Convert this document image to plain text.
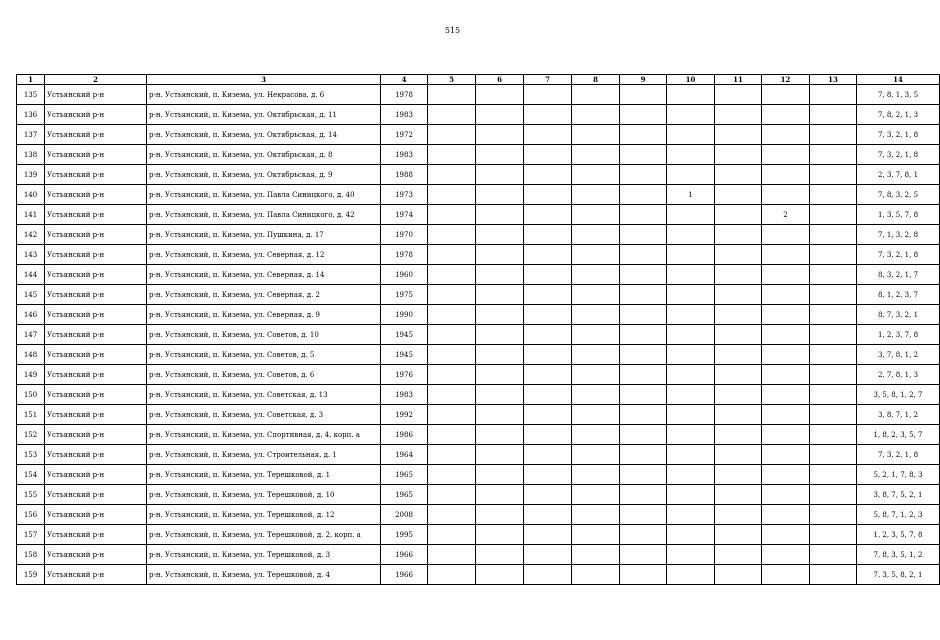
515
1	2	3	4	5	6	7	8	9	10	11	12	13	14
135	Устьянский р-н	р-н. Устьянский, п. Кизема, ул. Некрасова, д. 6	1978										7, 8, 1, 3, 5
136	Устьянский р-н	р-н. Устьянский, п. Кизема, ул. Октябрьская, д. 11	1983										7, 8, 2, 1, 3
137	Устьянский р-н	р-н. Устьянский, п. Кизема, ул. Октябрьская, д. 14	1972										7, 3, 2, 1, 8
138	Устьянский р-н	р-н. Устьянский, п. Кизема, ул. Октябрьская, д. 8	1983										7, 3, 2, 1, 8
139	Устьянский р-н	р-н. Устьянский, п. Кизема, ул. Октябрьская, д. 9	1988										2, 3, 7, 8, 1
140	Устьянский р-н	р-н. Устьянский, п. Кизема, ул. Павла Синицкого, д. 40	1973						1				7, 8, 3, 2, 5
141	Устьянский р-н	р-н. Устьянский, п. Кизема, ул. Павла Синицкого, д. 42	1974								2		1, 3, 5, 7, 8
142	Устьянский р-н	р-н. Устьянский, п. Кизема, ул. Пушкина, д. 17	1970										7, 1, 3, 2, 8
143	Устьянский р-н	р-н. Устьянский, п. Кизема, ул. Северная, д. 12	1978										7, 3, 2, 1, 8
144	Устьянский р-н	р-н. Устьянский, п. Кизема, ул. Северная, д. 14	1960										8, 3, 2, 1, 7
145	Устьянский р-н	р-н. Устьянский, п. Кизема, ул. Северная, д. 2	1975										8, 1, 2, 3, 7
146	Устьянский р-н	р-н. Устьянский, п. Кизема, ул. Северная, д. 9	1990										8, 7, 3, 2, 1
147	Устьянский р-н	р-н. Устьянский, п. Кизема, ул. Советов, д. 10	1945										1, 2, 3, 7, 8
148	Устьянский р-н	р-н. Устьянский, п. Кизема, ул. Советов, д. 5	1945										3, 7, 8, 1, 2
149	Устьянский р-н	р-н. Устьянский, п. Кизема, ул. Советов, д. 6	1976										2, 7, 8, 1, 3
150	Устьянский р-н	р-н. Устьянский, п. Кизема, ул. Советская, д. 13	1983										3, 5, 8, 1, 2, 7
151	Устьянский р-н	р-н. Устьянский, п. Кизема, ул. Советская, д. 3	1992										3, 8, 7, 1, 2
152	Устьянский р-н	р-н. Устьянский, п. Кизема, ул. Спортивная, д. 4, корп. а	1986										1, 8, 2, 3, 5, 7
153	Устьянский р-н	р-н. Устьянский, п. Кизема, ул. Строительная, д. 1	1964										7, 3, 2, 1, 8
154	Устьянский р-н	р-н. Устьянский, п. Кизема, ул. Терешковой, д. 1	1965										5, 2, 1, 7, 8, 3
155	Устьянский р-н	р-н. Устьянский, п. Кизема, ул. Терешковой, д. 10	1965										3, 8, 7, 5, 2, 1
156	Устьянский р-н	р-н. Устьянский, п. Кизема, ул. Терешковой, д. 12	2008										5, 8, 7, 1, 2, 3
157	Устьянский р-н	р-н. Устьянский, п. Кизема, ул. Терешковой, д. 2, корп. а	1995										1, 2, 3, 5, 7, 8
158	Устьянский р-н	р-н. Устьянский, п. Кизема, ул. Терешковой, д. 3	1966										7, 8, 3, 5, 1, 2
159	Устьянский р-н	р-н. Устьянский, п. Кизема, ул. Терешковой, д. 4	1966										7, 3, 5, 8, 2, 1
